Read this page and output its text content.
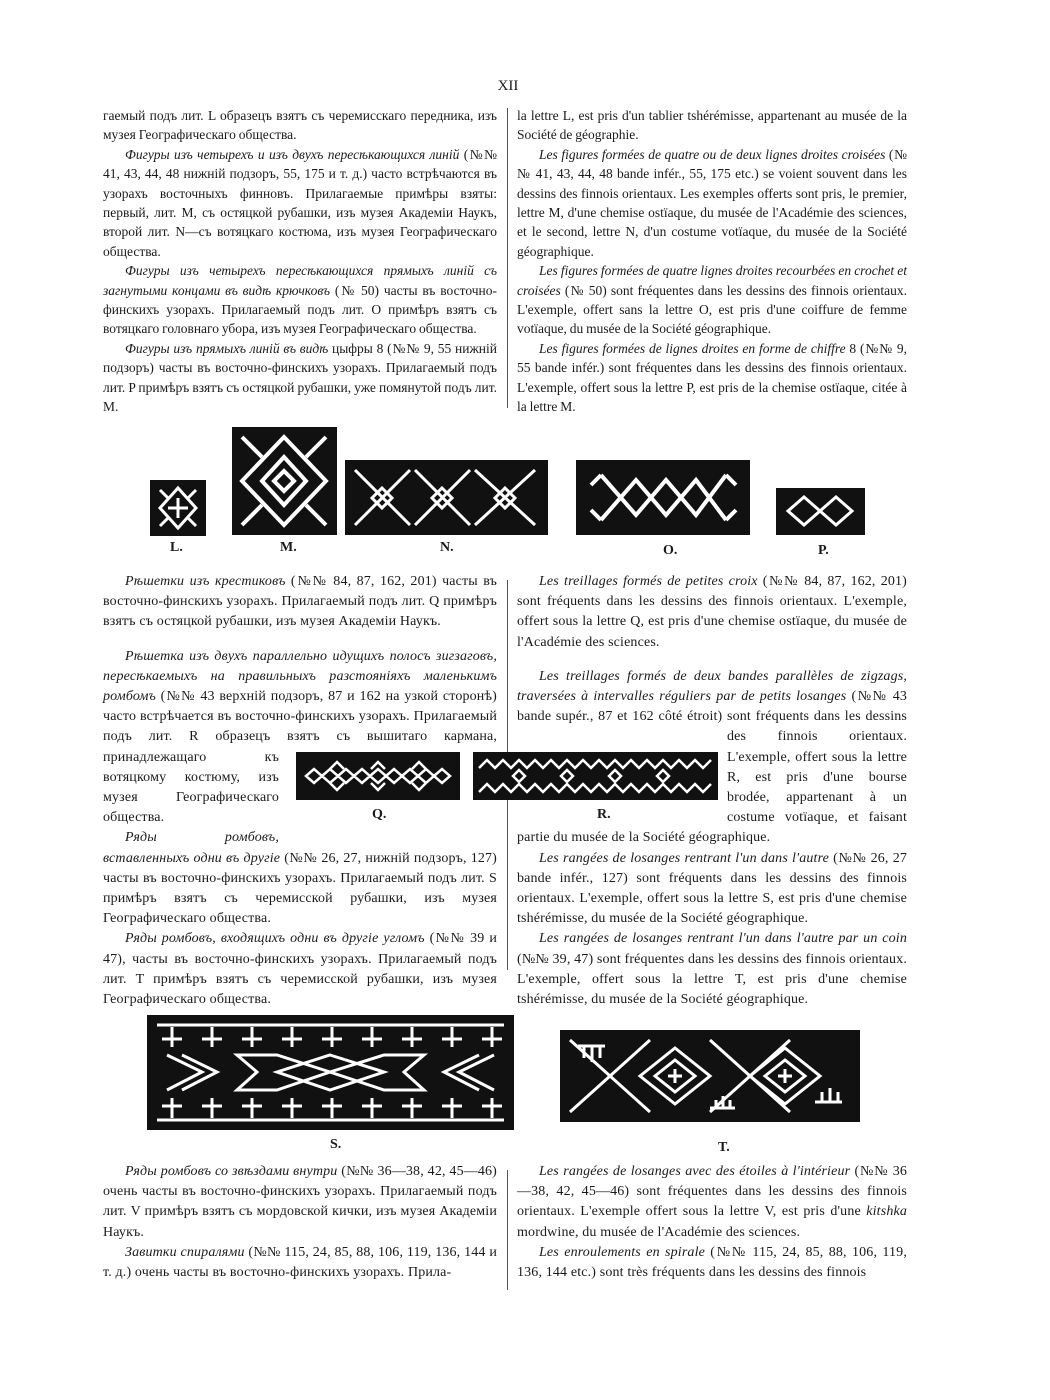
XII

гаемый подъ лит. L образецъ взятъ съ черемисскаго передника, изъ музея Географическаго общества.

Фигуры изъ четырехъ и изъ двухъ пересѣкающихся линій (№№ 41, 43, 44, 48 нижній подзоръ, 55, 175 и т. д.) часто встрѣчаются въ узорахъ восточныхъ финновъ. Прилагаемые примѣры взяты: первый, лит. M, съ остяцкой рубашки, изъ музея Академіи Наукъ, второй лит. N—съ вотяцкаго костюма, изъ музея Географическаго общества.

Фигуры изъ четырехъ пересѣкающихся прямыхъ линій съ загнутыми концами въ видѣ крючковъ (№ 50) часты въ восточно-финскихъ узорахъ. Прилагаемый подъ лит. O примѣръ взятъ съ вотяцкаго головнаго убора, изъ музея Географическаго общества.

Фигуры изъ прямыхъ линій въ видѣ цыфры 8 (№№ 9, 55 нижній подзоръ) часты въ восточно-финскихъ узорахъ. Прилагаемый подъ лит. P примѣръ взятъ съ остяцкой рубашки, уже помянутой подъ лит. M.

la lettre L, est pris d'un tablier tshérémisse, appartenant au musée de la Société de géographie.

Les figures formées de quatre ou de deux lignes droites croisées (№№ 41, 43, 44, 48 bande infér., 55, 175 etc.) se voient souvent dans les dessins des finnois orientaux. Les exemples offerts sont pris, le premier, lettre M, d'une chemise ostïaque, du musée de l'Académie des sciences, et le second, lettre N, d'un costume votïaque, du musée de la Société géographique.

Les figures formées de quatre lignes droites recourbées en crochet et croisées (№ 50) sont fréquentes dans les dessins des finnois orientaux. L'exemple, offert sans la lettre O, est pris d'une coiffure de femme votïaque, du musée de la Société géographique.

Les figures formées de lignes droites en forme de chiffre 8 (№№ 9, 55 bande infér.) sont fréquentes dans les dessins des finnois orientaux. L'exemple, offert sous la lettre P, est pris de la chemise ostïaque, citée à la lettre M.

Рѣшетки изъ крестиковъ (№№ 84, 87, 162, 201) часты въ восточно-финскихъ узорахъ. Прилагаемый подъ лит. Q примѣръ взятъ съ остяцкой рубашки, изъ музея Академіи Наукъ.

Рѣшетка изъ двухъ параллельно идущихъ полосъ зигзаговъ, пересѣкаемыхъ на правильныхъ разстояніяхъ маленькимъ ромбомъ (№№ 43 верхній подзоръ, 87 и 162 на узкой сторонѣ) часто встрѣчается въ восточно-финскихъ узорахъ. Прилагаемый подъ лит. R образецъ взятъ съ вышитаго кармана, принадлежащаго къ вотяцкому костюму, изъ музея Географическаго общества.

Ряды ромбовъ, вставленныхъ одни въ другіе (№№ 26, 27, нижній подзоръ, 127) часты въ восточно-финскихъ узорахъ. Прилагаемый подъ лит. S примѣръ взятъ съ черемисской рубашки, изъ музея Географическаго общества.

Ряды ромбовъ, входящихъ одни въ другіе угломъ (№№ 39 и 47), часты въ восточно-финскихъ узорахъ. Прилагаемый подъ лит. T примѣръ взятъ съ черемисской рубашки, изъ музея Географическаго общества.

Les treillages formés de petites croix (№№ 84, 87, 162, 201) sont fréquents dans les dessins des finnois orientaux. L'exemple, offert sous la lettre Q, est pris d'une chemise ostïaque, du musée de l'Académie des sciences.

Les treillages formés de deux bandes parallèles de zigzags, traversées à intervalles réguliers par de petits losanges (№№ 43 bande supér., 87 et 162 côté étroit) sont fréquents dans les dessins des finnois orientaux. L'exemple, offert sous la lettre R, est pris d'une bourse brodée, appartenant à un costume votïaque, et faisant partie du musée de la Société géographique.

Les rangées de losanges rentrant l'un dans l'autre (№№ 26, 27 bande infér., 127) sont fréquents dans les dessins des finnois orientaux. L'exemple, offert sous la lettre S, est pris d'une chemise tshérémisse, du musée de la Société géographique.

Les rangées de losanges rentrant l'un dans l'autre par un coin (№№ 39, 47) sont fréquentes dans les dessins des finnois orientaux. L'exemple, offert sous la lettre T, est pris d'une chemise tshérémisse, du musée de la Société géographique.

Ряды ромбовъ со звѣздами внутри (№№ 36—38, 42, 45—46) очень часты въ восточно-финскихъ узорахъ. Прилагаемый подъ лит. V примѣръ взятъ съ мордовской кички, изъ музея Академіи Наукъ.

Завитки спиралями (№№ 115, 24, 85, 88, 106, 119, 136, 144 и т. д.) очень часты въ восточно-финскихъ узорахъ. Прила-

Les rangées de losanges avec des étoiles à l'intérieur (№№ 36—38, 42, 45—46) sont fréquentes dans les dessins des finnois orientaux. L'exemple offert sous la lettre V, est pris d'une kitshka mordwine, du musée de l'Académie des sciences.

Les enroulements en spirale (№№ 115, 24, 85, 88, 106, 119, 136, 144 etc.) sont très fréquents dans les dessins des finnois

L.	M.	N.	O.	P.
Q.	R.
S.	T.
